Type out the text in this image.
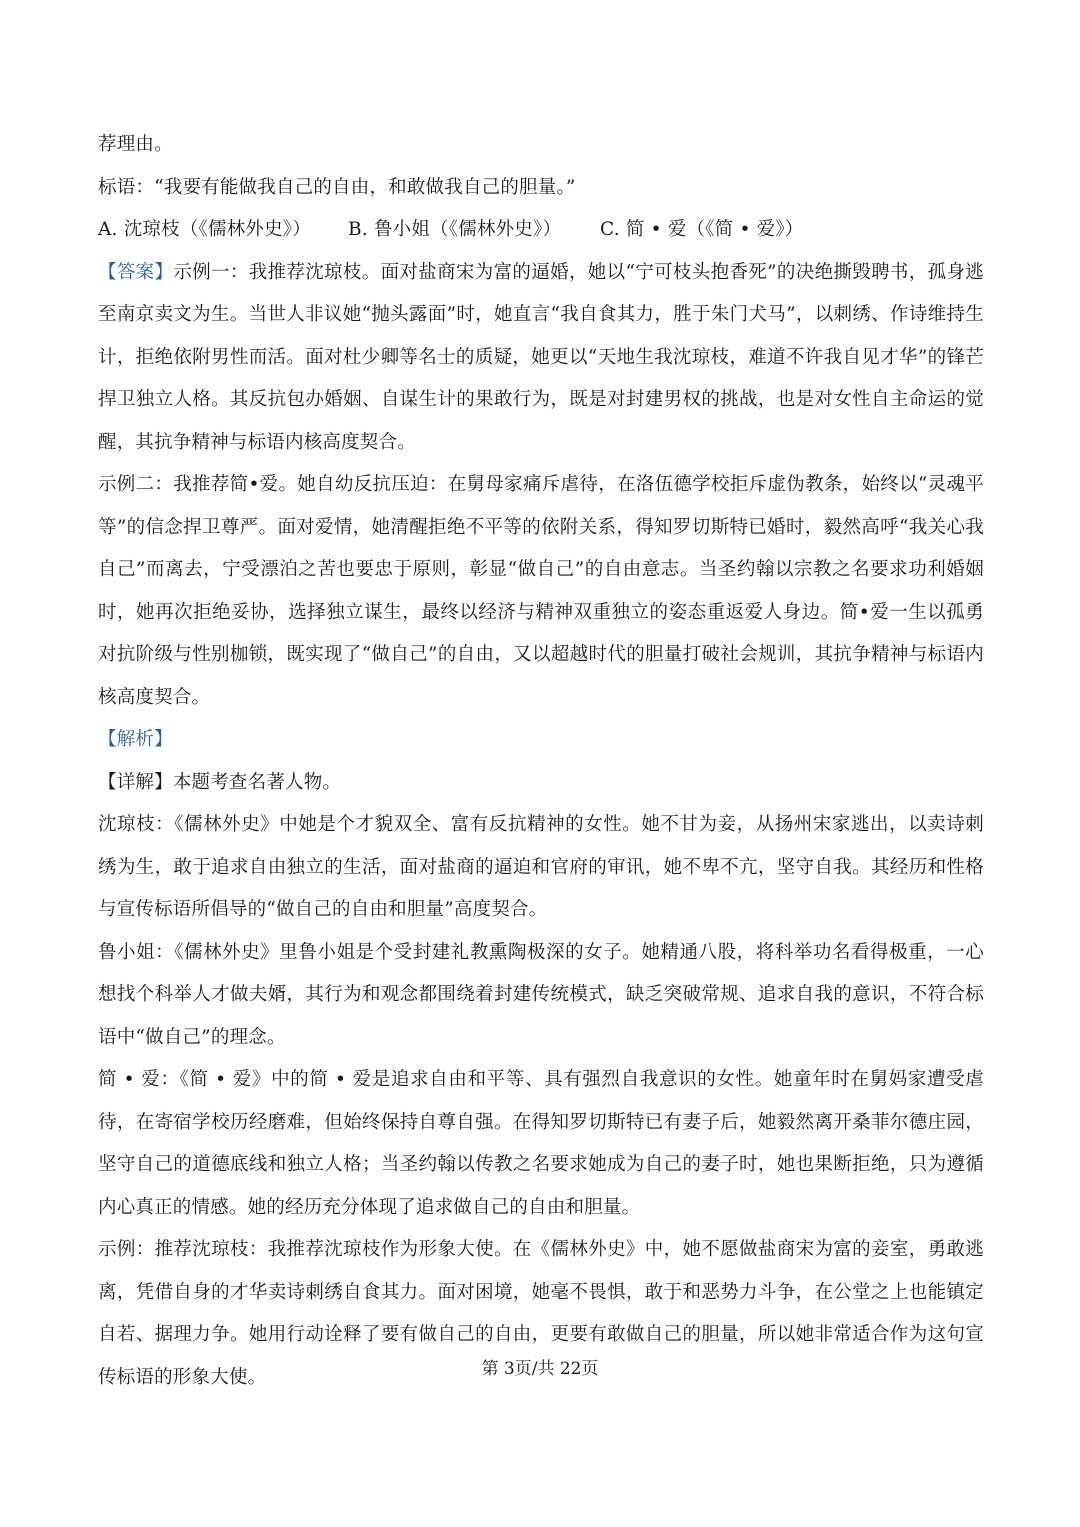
荐理由。
标语：“我要有能做我自己的自由，和敢做我自己的胆量。”
A. 沈琼枝（《儒林外史》） B. 鲁小姐（《儒林外史》） C. 简 • 爱（《简 • 爱》）
【答案】示例一：我推荐沈琼枝。面对盐商宋为富的逼婚，她以“宁可枝头抱香死”的决绝撕毁聘书，孤身逃至南京卖文为生。当世人非议她“抛头露面”时，她直言“我自食其力，胜于朱门犬马”，以刺绣、作诗维持生计，拒绝依附男性而活。面对杜少卿等名士的质疑，她更以“天地生我沈琼枝，难道不许我自见才华”的锋芒捍卫独立人格。其反抗包办婚姻、自谋生计的果敢行为，既是对封建男权的挑战，也是对女性自主命运的觉醒，其抗争精神与标语内核高度契合。
示例二：我推荐简•爱。她自幼反抗压迫：在舅母家痛斥虐待，在洛伍德学校拒斥虚伪教条，始终以“灵魂平等”的信念捍卫尊严。面对爱情，她清醒拒绝不平等的依附关系，得知罗切斯特已婚时，毅然高呼“我关心我自己”而离去，宁受漂泊之苦也要忠于原则，彰显“做自己”的自由意志。当圣约翰以宗教之名要求功利婚姻时，她再次拒绝妥协，选择独立谋生，最终以经济与精神双重独立的姿态重返爱人身边。简•爱一生以孤勇对抗阶级与性别枷锁，既实现了“做自己”的自由，又以超越时代的胆量打破社会规训，其抗争精神与标语内核高度契合。
【解析】
【详解】本题考查名著人物。
沈琼枝：《儒林外史》中她是个才貌双全、富有反抗精神的女性。她不甘为妾，从扬州宋家逃出，以卖诗刺绣为生，敢于追求自由独立的生活，面对盐商的逼迫和官府的审讯，她不卑不亢，坚守自我。其经历和性格与宣传标语所倡导的“做自己的自由和胆量”高度契合。
鲁小姐：《儒林外史》里鲁小姐是个受封建礼教熏陶极深的女子。她精通八股，将科举功名看得极重，一心想找个科举人才做夫婿，其行为和观念都围绕着封建传统模式，缺乏突破常规、追求自我的意识，不符合标语中“做自己”的理念。
简 • 爱：《简 • 爱》中的简 • 爱是追求自由和平等、具有强烈自我意识的女性。她童年时在舅妈家遭受虐待，在寄宿学校历经磨难，但始终保持自尊自强。在得知罗切斯特已有妻子后，她毅然离开桑菲尔德庄园，坚守自己的道德底线和独立人格；当圣约翰以传教之名要求她成为自己的妻子时，她也果断拒绝，只为遵循内心真正的情感。她的经历充分体现了追求做自己的自由和胆量。
示例：推荐沈琼枝：我推荐沈琼枝作为形象大使。在《儒林外史》中，她不愿做盐商宋为富的妾室，勇敢逃离，凭借自身的才华卖诗刺绣自食其力。面对困境，她毫不畏惧，敢于和恶势力斗争，在公堂之上也能镇定自若、据理力争。她用行动诠释了要有做自己的自由，更要有敢做自己的胆量，所以她非常适合作为这句宣传标语的形象大使。	第 3页/共 22页
